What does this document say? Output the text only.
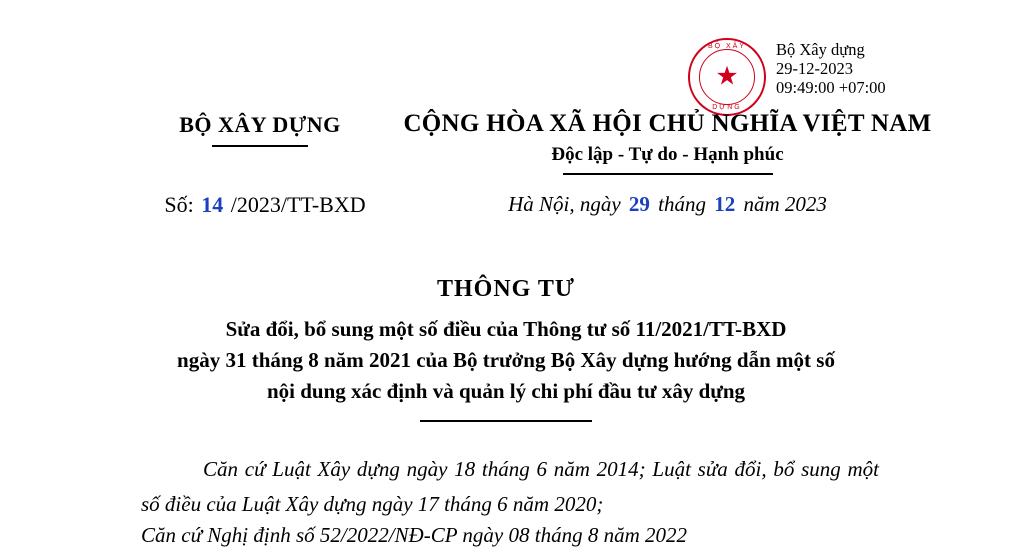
BỘ XÂY
★
DỰNG
Bộ Xây dựng
29-12-2023
09:49:00 +07:00
BỘ XÂY DỰNG	CỘNG HÒA XÃ HỘI CHỦ NGHĨA VIỆT NAM
Độc lập - Tự do - Hạnh phúc
Số: 14 /2023/TT-BXD	Hà Nội, ngày 29 tháng 12 năm 2023
THÔNG TƯ
Sửa đổi, bổ sung một số điều của Thông tư số 11/2021/TT-BXD
ngày 31 tháng 8 năm 2021 của Bộ trưởng Bộ Xây dựng hướng dẫn một số
nội dung xác định và quản lý chi phí đầu tư xây dựng

Căn cứ Luật Xây dựng ngày 18 tháng 6 năm 2014; Luật sửa đổi, bổ sung một số điều của Luật Xây dựng ngày 17 tháng 6 năm 2020;

Căn cứ Nghị định số 52/2022/NĐ-CP ngày 08 tháng 8 năm 2022
